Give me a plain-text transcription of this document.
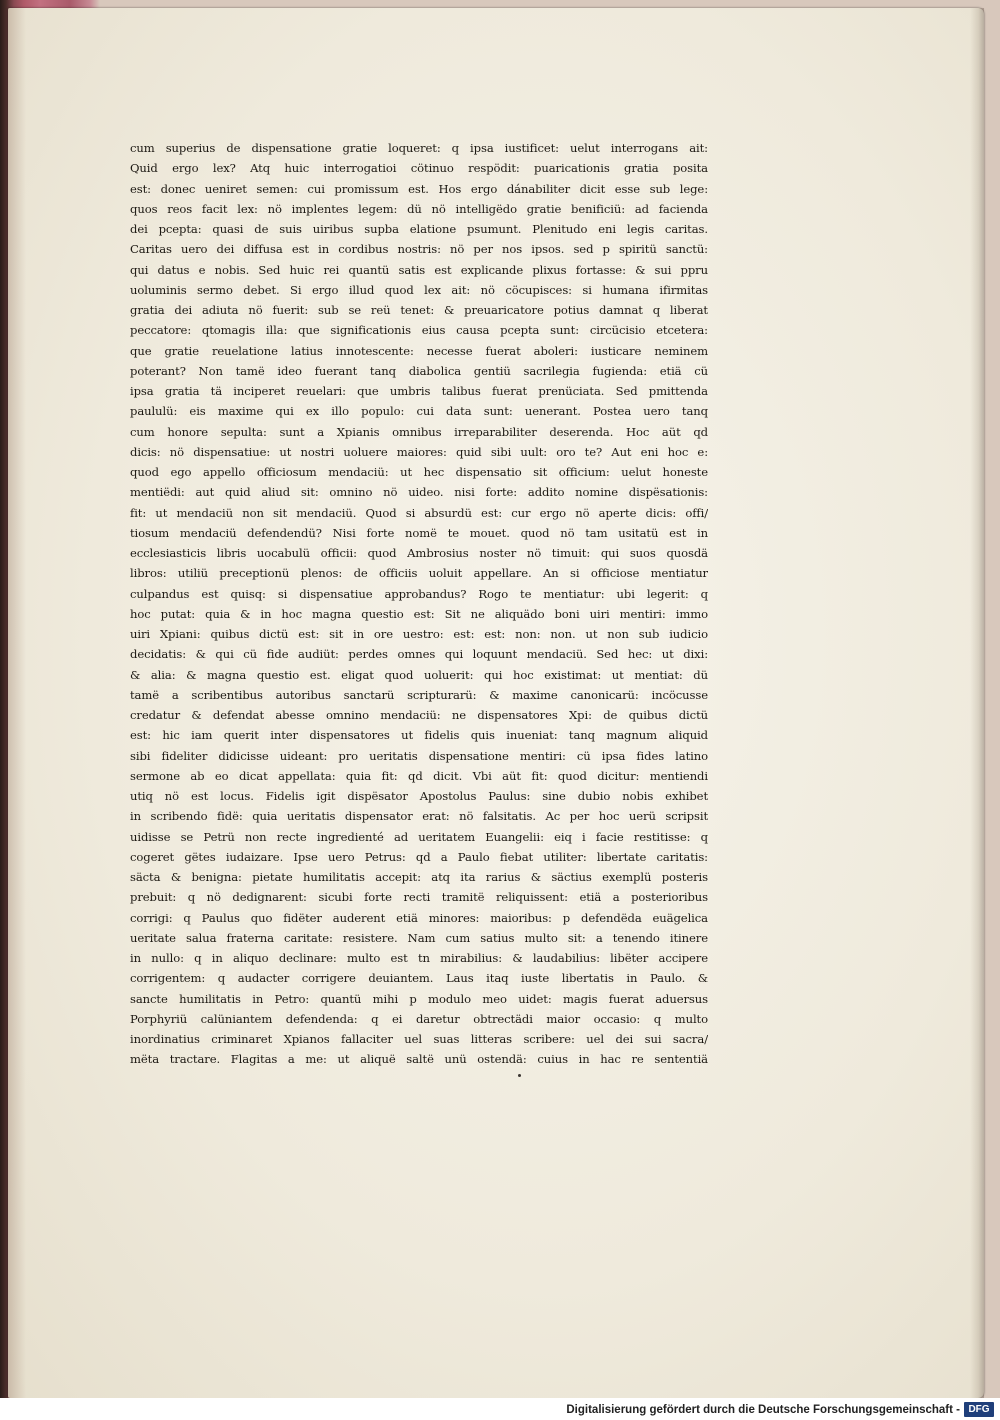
cum superius de dispensatione gratie loqueret: q ipsa iustificet: uelut interrogans ait:
Quid ergo lex? Atq huic interrogatioi cötinuo respödit: puaricationis gratia posita
est: donec ueniret semen: cui promissum est. Hos ergo dánabiliter dicit esse sub lege:
quos reos facit lex: nö implentes legem: dü nö intelligëdo gratie benificiü: ad facienda
dei pcepta: quasi de suis uiribus supba elatione psumunt. Plenitudo eni legis caritas.
Caritas uero dei diffusa est in cordibus nostris: nö per nos ipsos. sed p spiritü sanctü:
qui datus e nobis. Sed huic rei quantü satis est explicande plixus fortasse: & sui ppru
uoluminis sermo debet. Si ergo illud quod lex ait: nö cöcupisces: si humana ifirmitas
gratia dei adiuta nö fuerit: sub se reü tenet: & preuaricatore potius damnat q liberat
peccatore: qtomagis illa: que significationis eius causa pcepta sunt: circücisio etcetera:
que gratie reuelatione latius innotescente: necesse fuerat aboleri: iusticare neminem
poterant? Non tamë ideo fuerant tanq diabolica gentiü sacrilegia fugienda: etiä cü
ipsa gratia tä inciperet reuelari: que umbris talibus fuerat prenüciata. Sed pmittenda
paululü: eis maxime qui ex illo populo: cui data sunt: uenerant. Postea uero tanq
cum honore sepulta: sunt a Xpianis omnibus irreparabiliter deserenda. Hoc aüt qd
dicis: nö dispensatiue: ut nostri uoluere maiores: quid sibi uult: oro te? Aut eni hoc e:
quod ego appello officiosum mendaciü: ut hec dispensatio sit officium: uelut honeste
mentiëdi: aut quid aliud sit: omnino nö uideo. nisi forte: addito nomine dispësationis:
fit: ut mendaciü non sit mendaciü. Quod si absurdü est: cur ergo nö aperte dicis: offi/
tiosum mendaciü defendendü? Nisi forte nomë te mouet. quod nö tam usitatü est in
ecclesiasticis libris uocabulü officii: quod Ambrosius noster nö timuit: qui suos quosdä
libros: utiliü preceptionü plenos: de officiis uoluit appellare. An si officiose mentiatur
culpandus est quisq: si dispensatiue approbandus? Rogo te mentiatur: ubi legerit: q
hoc putat: quia & in hoc magna questio est: Sit ne aliquädo boni uiri mentiri: immo
uiri Xpiani: quibus dictü est: sit in ore uestro: est: est: non: non. ut non sub iudicio
decidatis: & qui cü fide audiüt: perdes omnes qui loquunt mendaciü. Sed hec: ut dixi:
& alia: & magna questio est. eligat quod uoluerit: qui hoc existimat: ut mentiat: dü
tamë a scribentibus autoribus sanctarü scripturarü: & maxime canonicarü: incöcusse
credatur & defendat abesse omnino mendaciü: ne dispensatores Xpi: de quibus dictü
est: hic iam querit inter dispensatores ut fidelis quis inueniat: tanq magnum aliquid
sibi fideliter didicisse uideant: pro ueritatis dispensatione mentiri: cü ipsa fides latino
sermone ab eo dicat appellata: quia fit: qd dicit. Vbi aüt fit: quod dicitur: mentiendi
utiq nö est locus. Fidelis igit dispësator Apostolus Paulus: sine dubio nobis exhibet
in scribendo fidë: quia ueritatis dispensator erat: nö falsitatis. Ac per hoc uerü scripsit
uidisse se Petrü non recte ingredienté ad ueritatem Euangelii: eiq i facie restitisse: q
cogeret gëtes iudaizare. Ipse uero Petrus: qd a Paulo fiebat utiliter: libertate caritatis:
säcta & benigna: pietate humilitatis accepit: atq ita rarius & säctius exemplü posteris
prebuit: q nö dedignarent: sicubi forte recti tramitë reliquissent: etiä a posterioribus
corrigi: q Paulus quo fidëter auderent etiä minores: maioribus: p defendëda euägelica
ueritate salua fraterna caritate: resistere. Nam cum satius multo sit: a tenendo itinere
in nullo: q in aliquo declinare: multo est tn mirabilius: & laudabilius: libëter accipere
corrigentem: q audacter corrigere deuiantem. Laus itaq iuste libertatis in Paulo. &
sancte humilitatis in Petro: quantü mihi p modulo meo uidet: magis fuerat aduersus
Porphyriü calüniantem defendenda: q ei daretur obtrectädi maior occasio: q multo
inordinatius criminaret Xpianos fallaciter uel suas litteras scribere: uel dei sui sacra/
mëta tractare. Flagitas a me: ut aliquë saltë unü ostendä: cuius in hac re sententiä
Digitalisierung gefördert durch die Deutsche Forschungsgemeinschaft - DFG
